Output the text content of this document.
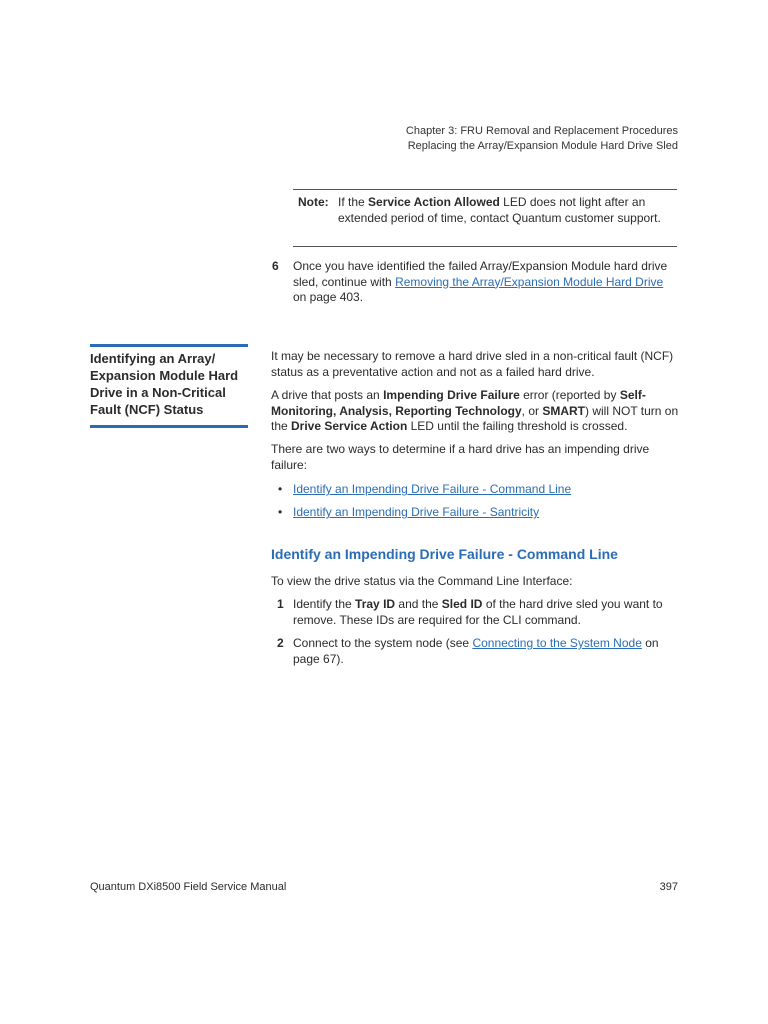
Chapter 3: FRU Removal and Replacement Procedures
Replacing the Array/Expansion Module Hard Drive Sled
Note: If the Service Action Allowed LED does not light after an extended period of time, contact Quantum customer support.
6 Once you have identified the failed Array/Expansion Module hard drive sled, continue with Removing the Array/Expansion Module Hard Drive on page 403.
Identifying an Array/ Expansion Module Hard Drive in a Non-Critical Fault (NCF) Status
It may be necessary to remove a hard drive sled in a non-critical fault (NCF) status as a preventative action and not as a failed hard drive.
A drive that posts an Impending Drive Failure error (reported by Self-Monitoring, Analysis, Reporting Technology, or SMART) will NOT turn on the Drive Service Action LED until the failing threshold is crossed.
There are two ways to determine if a hard drive has an impending drive failure:
• Identify an Impending Drive Failure - Command Line
• Identify an Impending Drive Failure - Santricity
Identify an Impending Drive Failure - Command Line
To view the drive status via the Command Line Interface:
1 Identify the Tray ID and the Sled ID of the hard drive sled you want to remove. These IDs are required for the CLI command.
2 Connect to the system node (see Connecting to the System Node on page 67).
Quantum DXi8500 Field Service Manual	397
